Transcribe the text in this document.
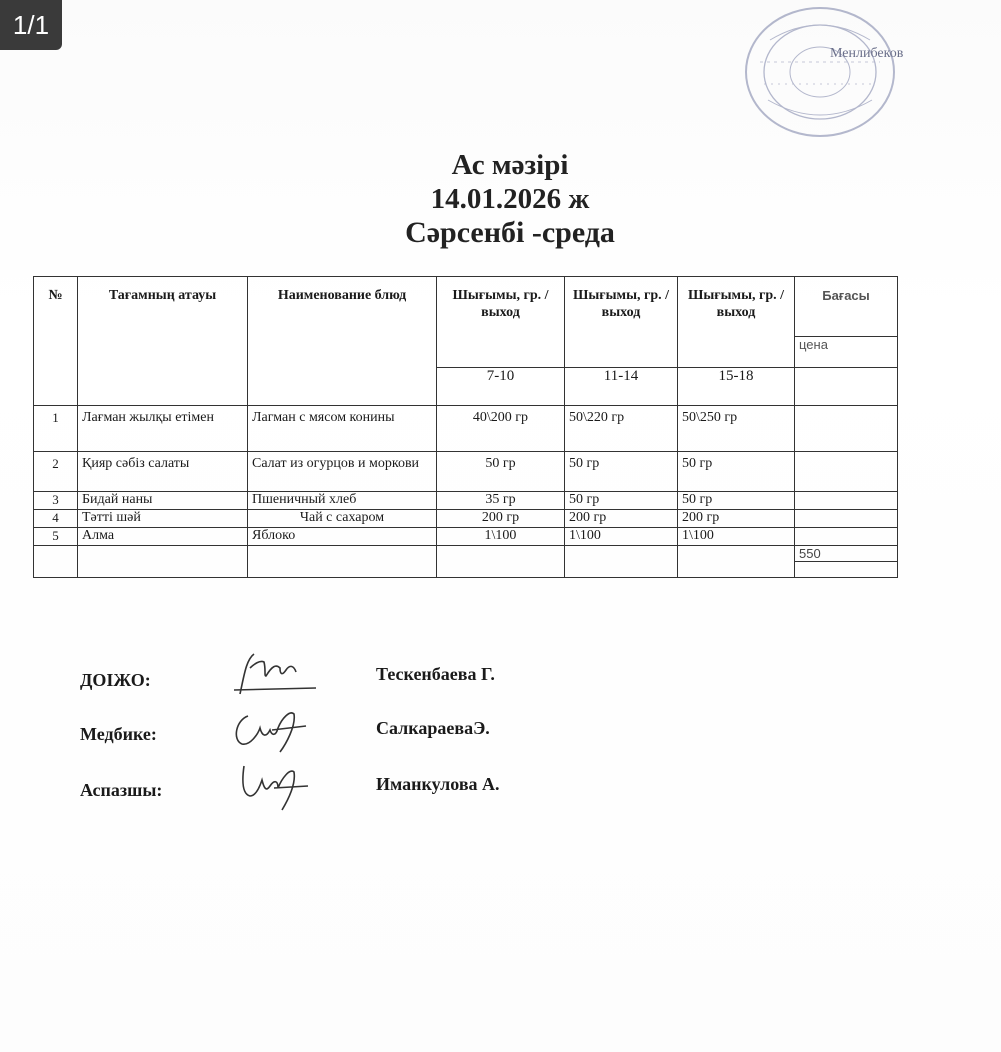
1/1
Менлибеков
Ас мәзірі
14.01.2026 ж
Сәрсенбі -среда
№	Тағамның атауы	Наименование блюд	Шығымы, гр. / выход	Шығымы, гр. / выход	Шығымы, гр. / выход	Бағасы
						цена
			7-10	11-14	15-18	
1	Лағман жылқы етімен	Лагман с мясом конины	40\200 гр	50\220 гр	50\250 гр	
2	Қияр сәбіз салаты	Салат из огурцов и моркови	50 гр	50 гр	50 гр	
3	Бидай наны	Пшеничный хлеб	35 гр	50 гр	50 гр	
4	Тәтті шәй	Чай с сахаром	200 гр	200 гр	200 гр	
5	Алма	Яблоко	1\100	1\100	1\100	
						550

ДОІЖО:	Тескенбаева Г.
Медбике:	СалкараеваЭ.
Аспазшы:	Иманкулова А.
